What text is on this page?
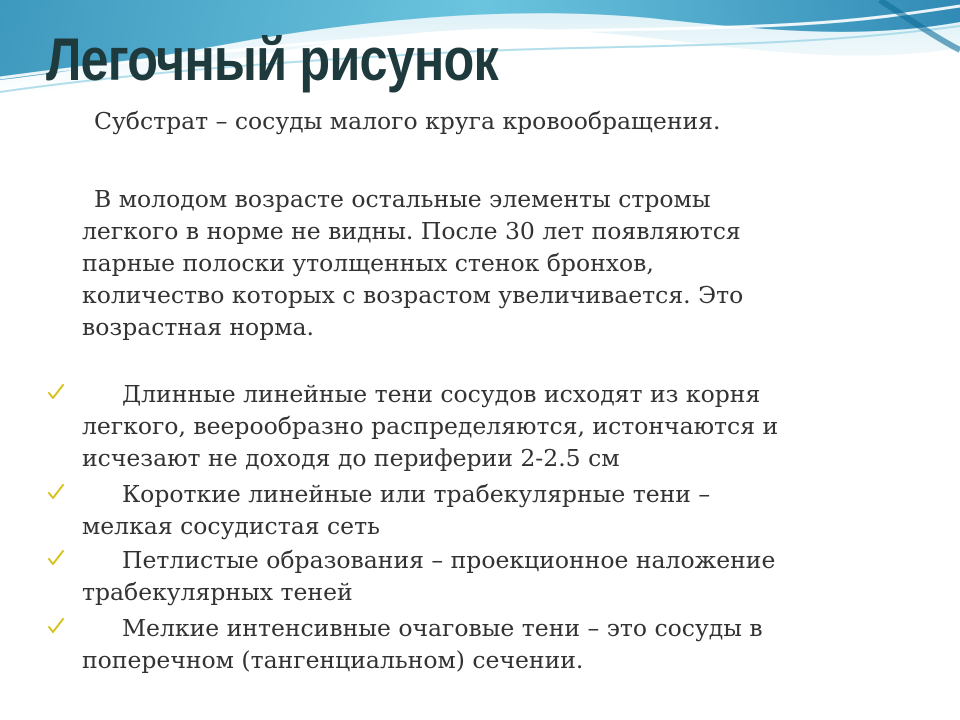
Легочный рисунок
Субстрат – сосуды малого круга кровообращения.
В молодом возрасте остальные элементы стромы
легкого в норме не видны. После 30 лет появляются
парные полоски утолщенных стенок бронхов,
количество которых с возрастом увеличивается. Это
возрастная норма.
Длинные линейные тени сосудов исходят из корня
легкого, веерообразно распределяются, истончаются и
исчезают не доходя до периферии 2-2.5 см
Короткие линейные или трабекулярные тени –
мелкая сосудистая сеть
Петлистые образования – проекционное наложение
трабекулярных теней
Мелкие интенсивные очаговые тени – это сосуды в
поперечном (тангенциальном) сечении.
